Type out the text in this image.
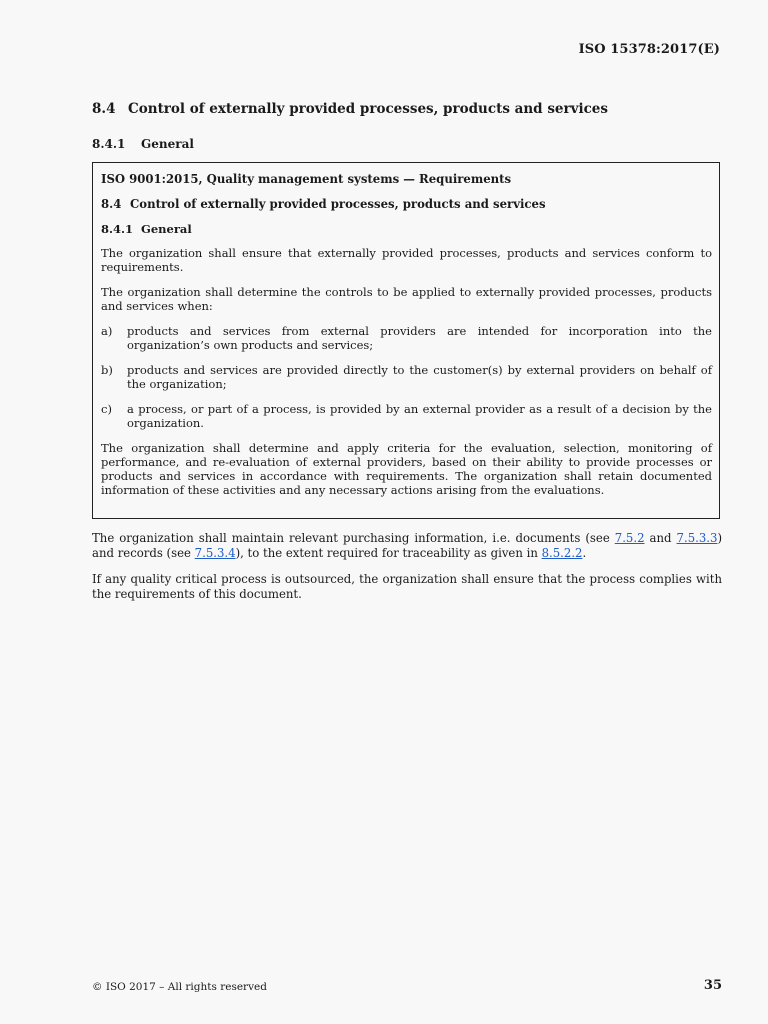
ISO 15378:2017(E)
8.4 Control of externally provided processes, products and services
8.4.1	General
ISO 9001:2015, Quality management systems — Requirements
8.4 Control of externally provided processes, products and services
8.4.1 General

The organization shall ensure that externally provided processes, products and services conform to requirements.

The organization shall determine the controls to be applied to externally provided processes, products and services when:

a)	products and services from external providers are intended for incorporation into the organization’s own products and services;
b)	products and services are provided directly to the customer(s) by external providers on behalf of the organization;
c)	a process, or part of a process, is provided by an external provider as a result of a decision by the organization.

The organization shall determine and apply criteria for the evaluation, selection, monitoring of performance, and re-evaluation of external providers, based on their ability to provide processes or products and services in accordance with requirements. The organization shall retain documented information of these activities and any necessary actions arising from the evaluations.

The organization shall maintain relevant purchasing information, i.e. documents (see 7.5.2 and 7.5.3.3) and records (see 7.5.3.4), to the extent required for traceability as given in 8.5.2.2.

If any quality critical process is outsourced, the organization shall ensure that the process complies with the requirements of this document.

© ISO 2017 – All rights reserved	35
